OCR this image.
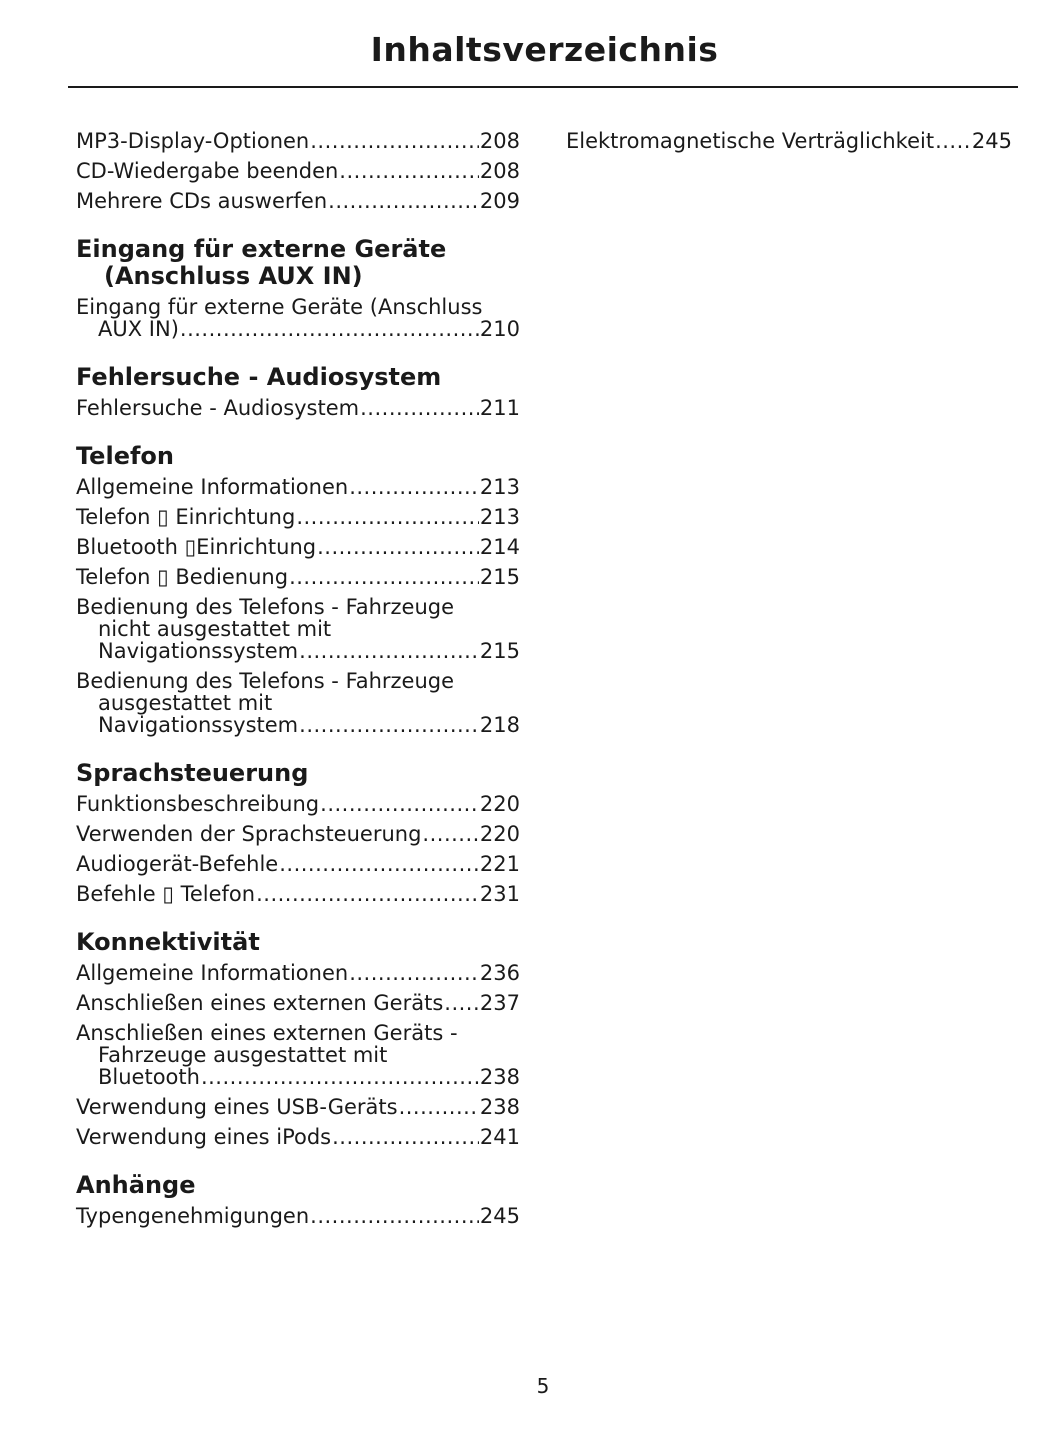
Inhaltsverzeichnis
MP3-Display-Optionen .....	208
CD-Wiedergabe beenden .....	208
Mehrere CDs auswerfen .....	209
Eingang für externe Geräte
(Anschluss AUX IN)
Eingang für externe Geräte (Anschluss
AUX IN) .....	210
Fehlersuche - Audiosystem
Fehlersuche - Audiosystem .....	211
Telefon
Allgemeine Informationen .....	213
Telefon ▯ Einrichtung .....	213
Bluetooth ▯Einrichtung .....	214
Telefon ▯ Bedienung .....	215
Bedienung des Telefons - Fahrzeuge
nicht ausgestattet mit
Navigationssystem .....	215
Bedienung des Telefons - Fahrzeuge
ausgestattet mit
Navigationssystem .....	218
Sprachsteuerung
Funktionsbeschreibung .....	220
Verwenden der Sprachsteuerung .....	220
Audiogerät-Befehle .....	221
Befehle ▯ Telefon .....	231
Konnektivität
Allgemeine Informationen .....	236
Anschließen eines externen Geräts ..... 237
Anschließen eines externen Geräts -
Fahrzeuge ausgestattet mit
Bluetooth .....	238
Verwendung eines USB-Geräts .....	238
Verwendung eines iPods .....	241
Anhänge
Typengenehmigungen .....	245
Elektromagnetische Verträglichkeit ..... 245
5
